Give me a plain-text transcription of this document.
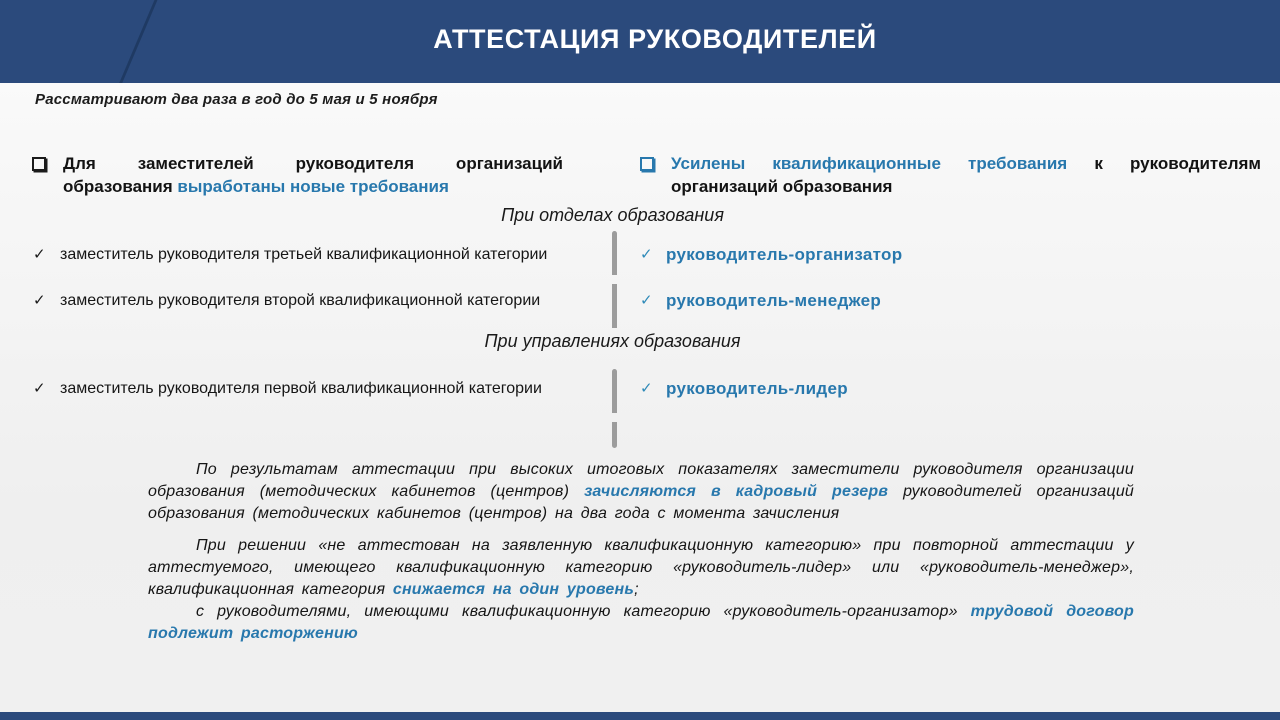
АТТЕСТАЦИЯ РУКОВОДИТЕЛЕЙ

Рассматривают два раза в год до 5 мая и 5 ноября

Для заместителей руководителя организаций образования выработаны новые требования

Усилены квалификационные требования к руководителям организаций образования

При отделах образования
✓ заместитель руководителя третьей квалификационной категории	✓ руководитель-организатор
✓ заместитель руководителя второй квалификационной категории	✓ руководитель-менеджер
При управлениях образования
✓ заместитель руководителя первой квалификационной категории	✓ руководитель-лидер

По результатам аттестации при высоких итоговых показателях заместители руководителя организации образования (методических кабинетов (центров) зачисляются в кадровый резерв руководителей организаций образования (методических кабинетов (центров) на два года с момента зачисления

При решении «не аттестован на заявленную квалификационную категорию» при повторной аттестации у аттестуемого, имеющего квалификационную категорию «руководитель-лидер» или «руководитель-менеджер», квалификационная категория снижается на один уровень;

с руководителями, имеющими квалификационную категорию «руководитель-организатор» трудовой договор подлежит расторжению
